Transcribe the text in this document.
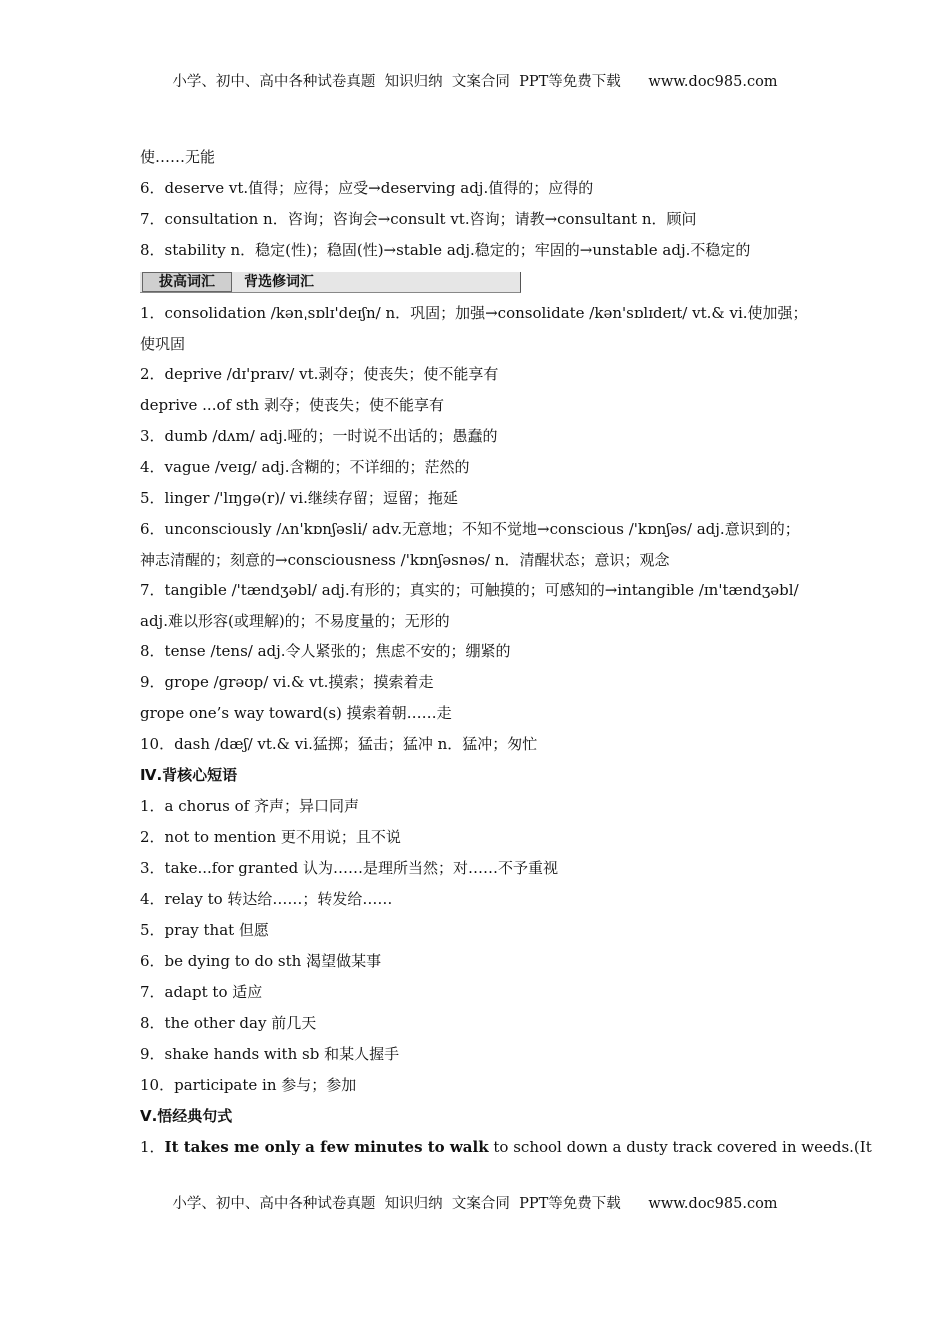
小学、初中、高中各种试卷真题  知识归纳  文案合同  PPT等免费下载      www.doc985.com
使……无能
6．deserve vt.值得；应得；应受→deserving adj.值得的；应得的
7．consultation n．咨询；咨询会→consult vt.咨询；请教→consultant n．顾问
8．stability n．稳定(性)；稳固(性)→stable adj.稳定的；牢固的→unstable adj.不稳定的
拔高词汇	背选修词汇
1．consolidation /kənˌsɒlɪ'deɪʃn/ n．巩固；加强→consolidate /kən'sɒlɪdeɪt/ vt.& vi.使加强；使巩固
2．deprive /dɪ'praɪv/ vt.剥夺；使丧失；使不能享有
deprive ...of sth 剥夺；使丧失；使不能享有
3．dumb /dʌm/ adj.哑的；一时说不出话的；愚蠢的
4．vague /veɪɡ/ adj.含糊的；不详细的；茫然的
5．linger /'lɪŋɡə(r)/ vi.继续存留；逗留；拖延
6．unconsciously /ʌn'kɒnʃəsli/ adv.无意地；不知不觉地→conscious /'kɒnʃəs/ adj.意识到的；神志清醒的；刻意的→consciousness /'kɒnʃəsnəs/ n．清醒状态；意识；观念
7．tangible /'tændʒəbl/ adj.有形的；真实的；可触摸的；可感知的→intangible /ɪn'tændʒəbl/ adj.难以形容(或理解)的；不易度量的；无形的
8．tense /tens/ adj.令人紧张的；焦虑不安的；绷紧的
9．grope /ɡrəʊp/ vi.& vt.摸索；摸索着走
grope one’s way toward(s) 摸索着朝……走
10．dash /dæʃ/ vt.& vi.猛掷；猛击；猛冲 n．猛冲；匆忙
Ⅳ.背核心短语
1．a chorus of 齐声；异口同声
2．not to mention 更不用说；且不说
3．take...for granted 认为……是理所当然；对……不予重视
4．relay to 转达给……；转发给……
5．pray that 但愿
6．be dying to do sth 渴望做某事
7．adapt to 适应
8．the other day 前几天
9．shake hands with sb 和某人握手
10．participate in 参与；参加
Ⅴ.悟经典句式
1．It takes me only a few minutes to walk to school down a dusty track covered in weeds.(It
小学、初中、高中各种试卷真题  知识归纳  文案合同  PPT等免费下载      www.doc985.com
